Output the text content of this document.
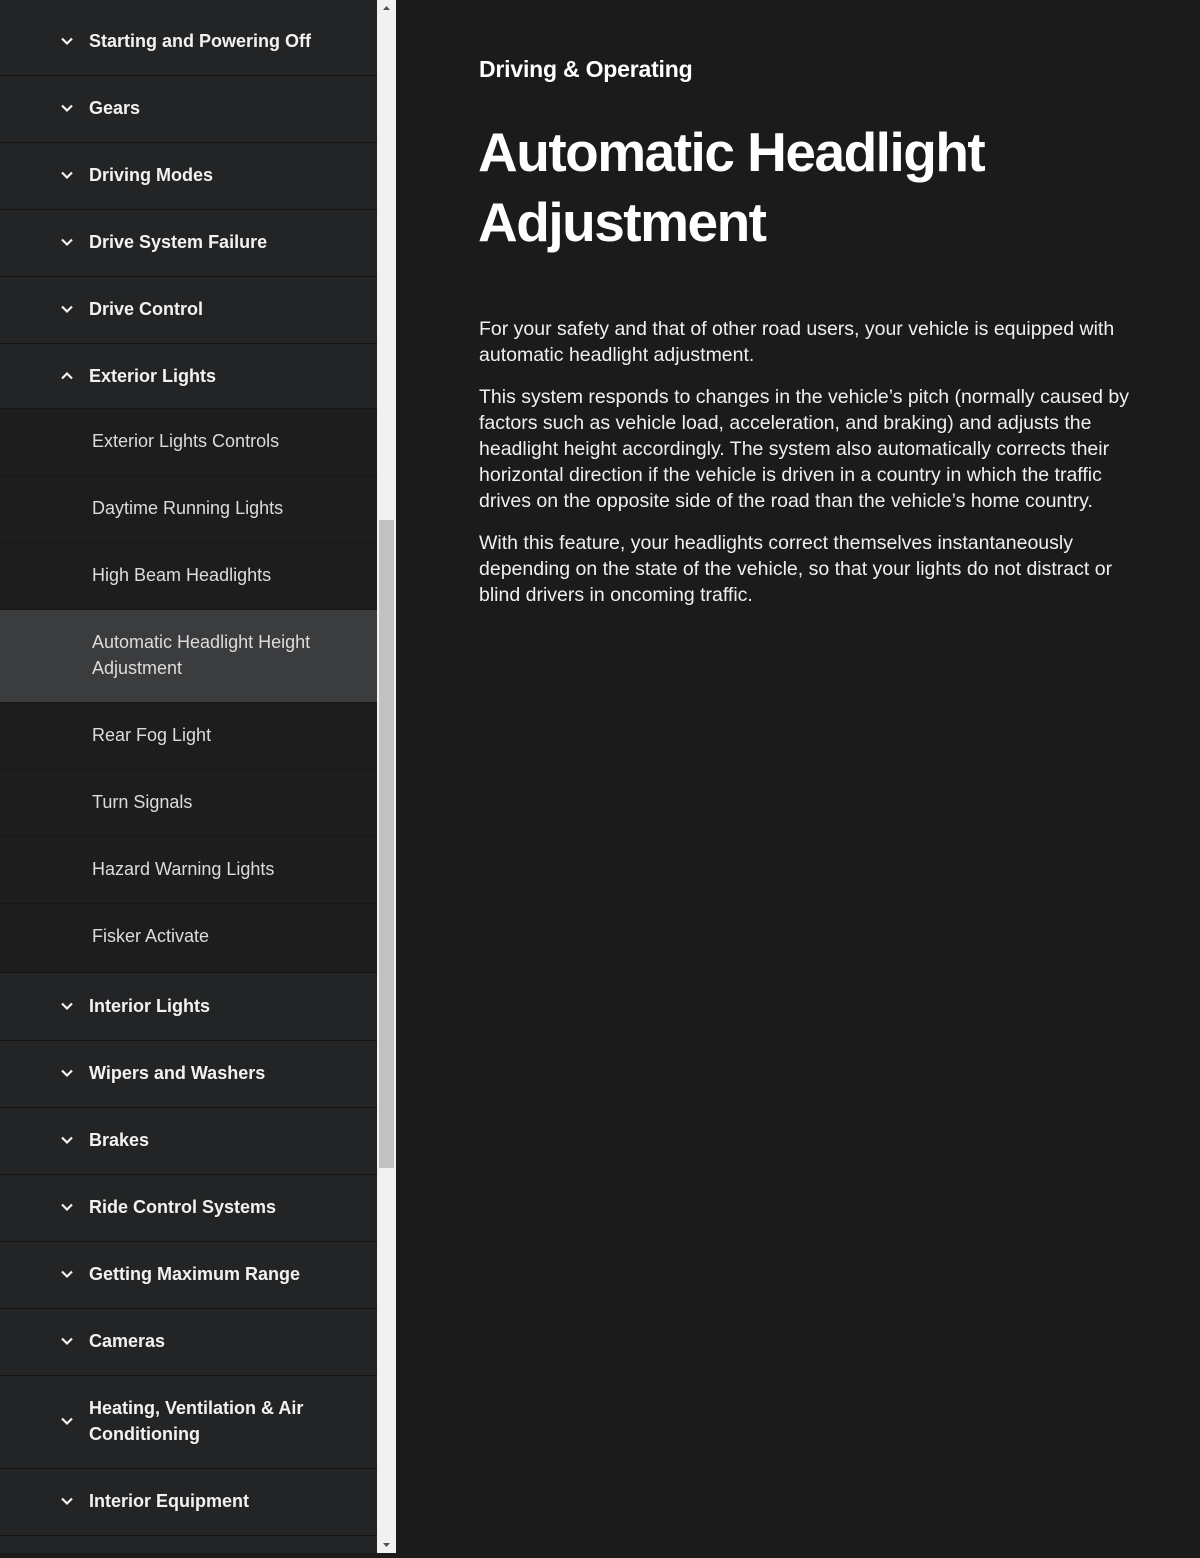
Starting and Powering Off
Gears
Driving Modes
Drive System Failure
Drive Control
Exterior Lights
Exterior Lights Controls
Daytime Running Lights
High Beam Headlights
Automatic Headlight Height Adjustment
Rear Fog Light
Turn Signals
Hazard Warning Lights
Fisker Activate
Interior Lights
Wipers and Washers
Brakes
Ride Control Systems
Getting Maximum Range
Cameras
Heating, Ventilation & Air Conditioning
Interior Equipment
Driving & Operating
Automatic Headlight Adjustment

For your safety and that of other road users, your vehicle is equipped with automatic headlight adjustment.

This system responds to changes in the vehicle’s pitch (normally caused by factors such as vehicle load, acceleration, and braking) and adjusts the headlight height accordingly. The system also automatically corrects their horizontal direction if the vehicle is driven in a country in which the traffic drives on the opposite side of the road than the vehicle’s home country.

With this feature, your headlights correct themselves instantaneously depending on the state of the vehicle, so that your lights do not distract or blind drivers in oncoming traffic.
